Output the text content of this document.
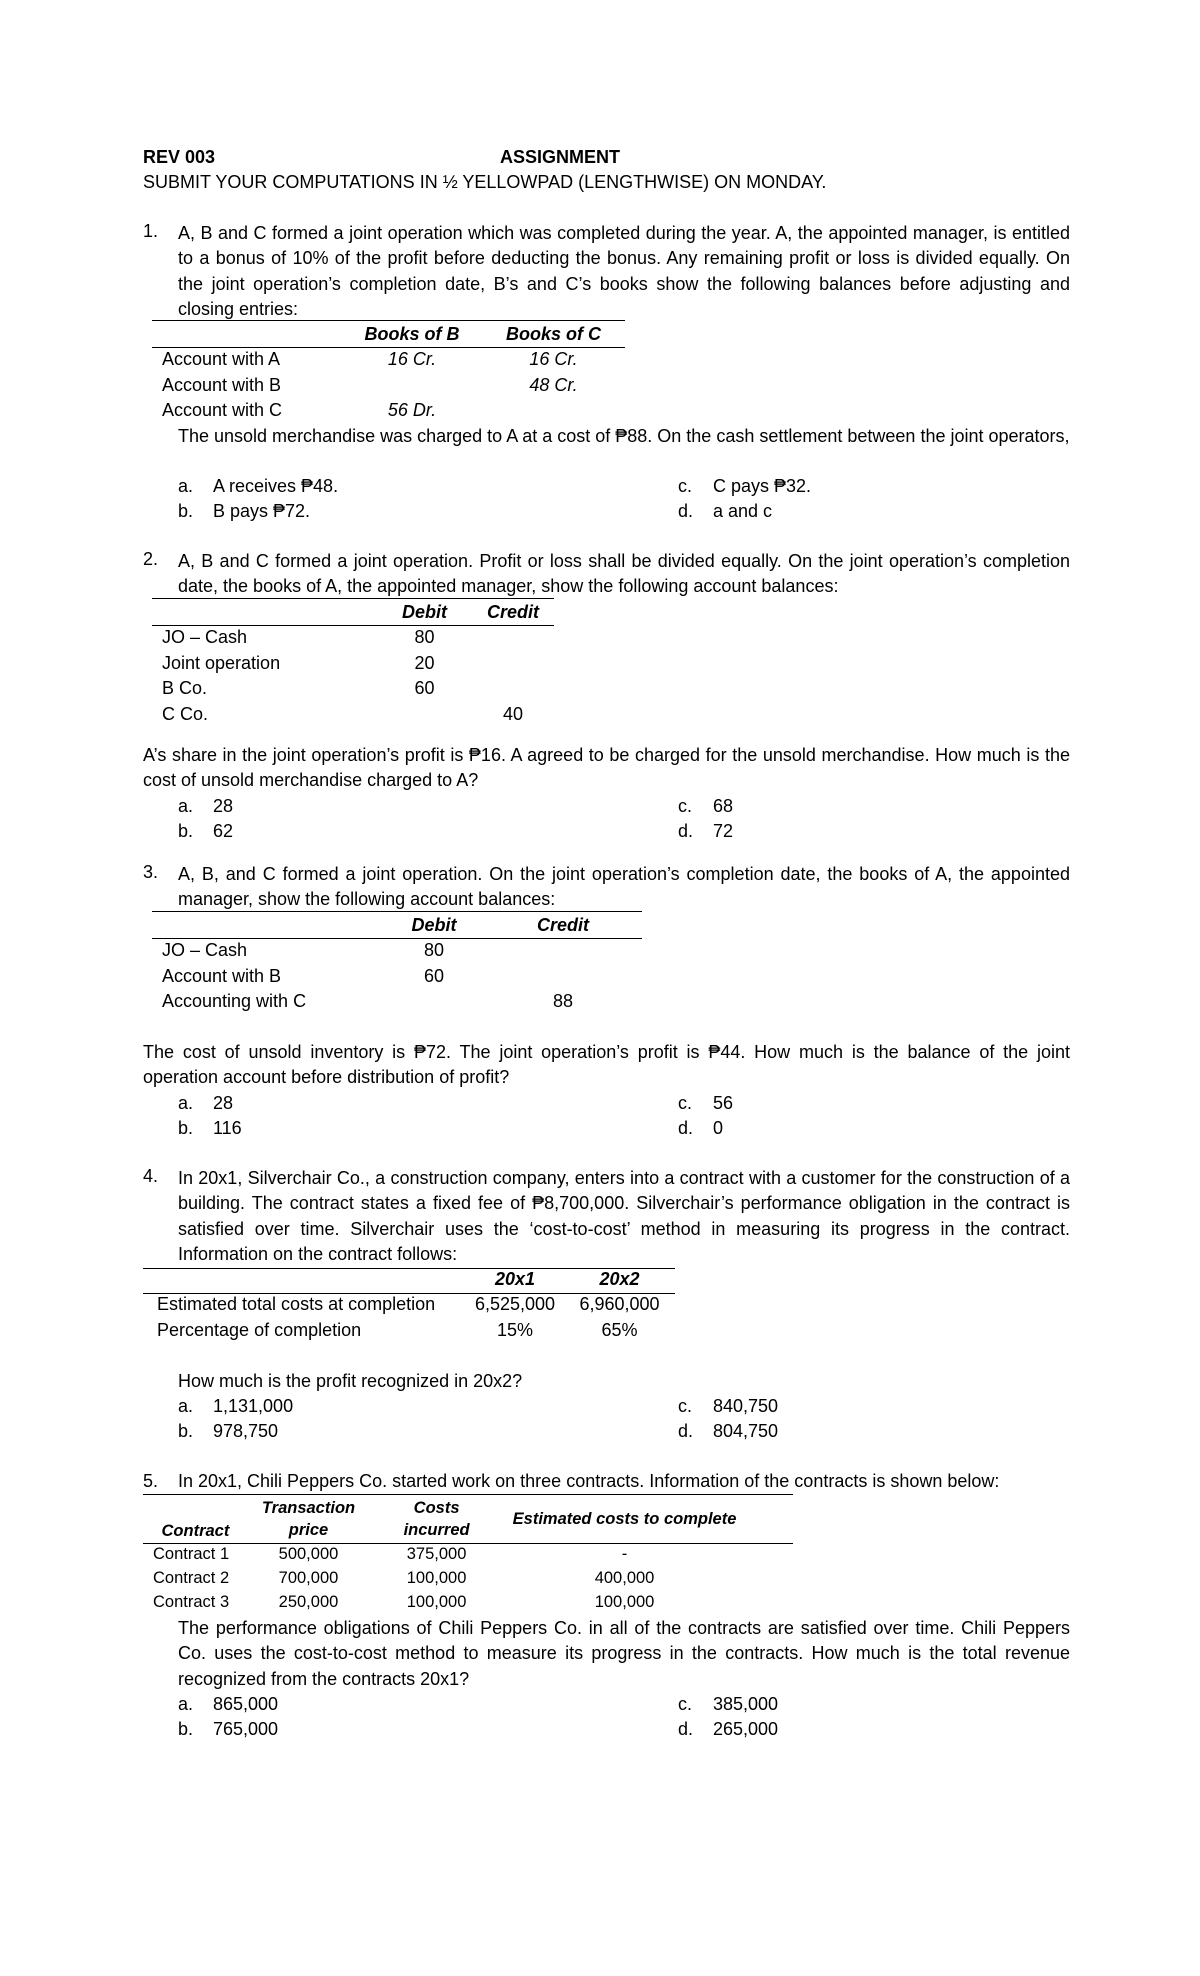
REV 003	ASSIGNMENT
SUBMIT YOUR COMPUTATIONS IN ½ YELLOWPAD (LENGTHWISE) ON MONDAY.
1.	A, B and C formed a joint operation which was completed during the year. A, the appointed manager, is entitled to a bonus of 10% of the profit before deducting the bonus. Any remaining profit or loss is divided equally. On the joint operation’s completion date, B’s and C’s books show the following balances before adjusting and closing entries:
	Books of B	Books of C
Account with A	16 Cr.	16 Cr.
Account with B		48 Cr.
Account with C	56 Dr.	
The unsold merchandise was charged to A at a cost of ₱88. On the cash settlement between the joint operators,
a. A receives ₱48.
b. B pays ₱72.
c. C pays ₱32.
d. a and c
2.	A, B and C formed a joint operation. Profit or loss shall be divided equally. On the joint operation’s completion date, the books of A, the appointed manager, show the following account balances:
	Debit	Credit
JO – Cash	80	
Joint operation	20	
B Co.	60	
C Co.		40
A’s share in the joint operation’s profit is ₱16. A agreed to be charged for the unsold merchandise. How much is the cost of unsold merchandise charged to A?
a. 28
b. 62
c. 68
d. 72
3.	A, B, and C formed a joint operation. On the joint operation’s completion date, the books of A, the appointed manager, show the following account balances:
	Debit	Credit
JO – Cash	80	
Account with B	60	
Accounting with C		88
The cost of unsold inventory is ₱72. The joint operation’s profit is ₱44. How much is the balance of the joint operation account before distribution of profit?
a. 28
b. 116
c. 56
d. 0
4.	In 20x1, Silverchair Co., a construction company, enters into a contract with a customer for the construction of a building. The contract states a fixed fee of ₱8,700,000. Silverchair’s performance obligation in the contract is satisfied over time. Silverchair uses the ‘cost-to-cost’ method in measuring its progress in the contract. Information on the contract follows:
	20x1	20x2
Estimated total costs at completion	6,525,000	6,960,000
Percentage of completion	15%	65%
How much is the profit recognized in 20x2?
a. 1,131,000
b. 978,750
c. 840,750
d. 804,750
5. In 20x1, Chili Peppers Co. started work on three contracts. Information of the contracts is shown below:
Contract	Transaction price	Costs incurred	Estimated costs to complete
Contract 1	500,000	375,000	-
Contract 2	700,000	100,000	400,000
Contract 3	250,000	100,000	100,000
The performance obligations of Chili Peppers Co. in all of the contracts are satisfied over time. Chili Peppers Co. uses the cost-to-cost method to measure its progress in the contracts. How much is the total revenue recognized from the contracts 20x1?
a. 865,000
b. 765,000
c. 385,000
d. 265,000
